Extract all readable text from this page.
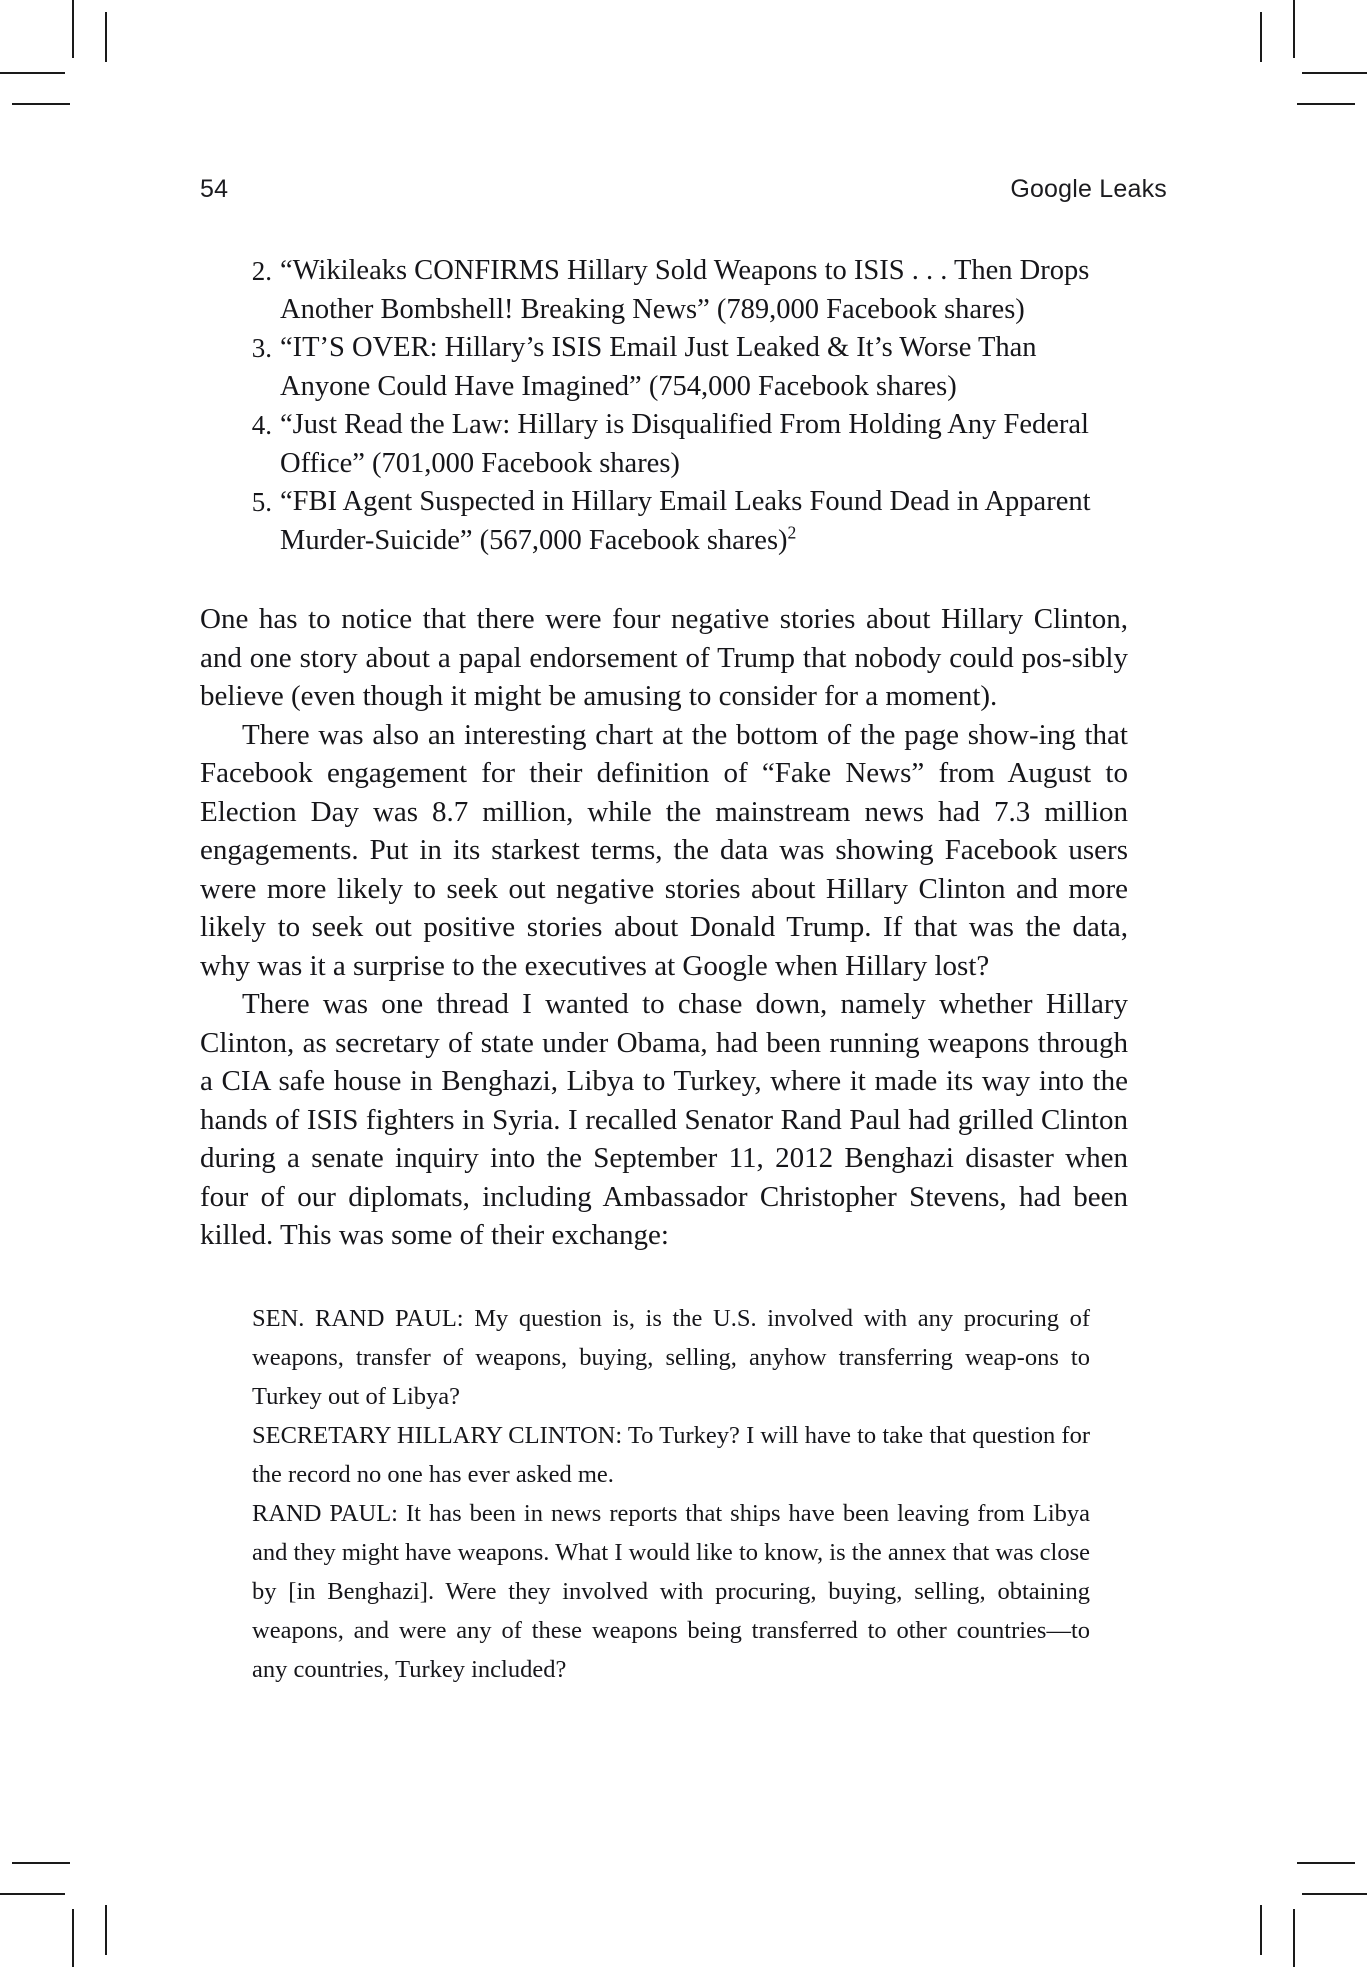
54	Google Leaks
2. “Wikileaks CONFIRMS Hillary Sold Weapons to ISIS . . . Then Drops Another Bombshell! Breaking News” (789,000 Facebook shares)
3. “IT’S OVER: Hillary’s ISIS Email Just Leaked & It’s Worse Than Anyone Could Have Imagined” (754,000 Facebook shares)
4. “Just Read the Law: Hillary is Disqualified From Holding Any Federal Office” (701,000 Facebook shares)
5. “FBI Agent Suspected in Hillary Email Leaks Found Dead in Apparent Murder-Suicide” (567,000 Facebook shares)$^2$

One has to notice that there were four negative stories about Hillary Clinton, and one story about a papal endorsement of Trump that nobody could pos-sibly believe (even though it might be amusing to consider for a moment).

There was also an interesting chart at the bottom of the page show-ing that Facebook engagement for their definition of “Fake News” from August to Election Day was 8.7 million, while the mainstream news had 7.3 million engagements. Put in its starkest terms, the data was showing Facebook users were more likely to seek out negative stories about Hillary Clinton and more likely to seek out positive stories about Donald Trump. If that was the data, why was it a surprise to the executives at Google when Hillary lost?

There was one thread I wanted to chase down, namely whether Hillary Clinton, as secretary of state under Obama, had been running weapons through a CIA safe house in Benghazi, Libya to Turkey, where it made its way into the hands of ISIS fighters in Syria. I recalled Senator Rand Paul had grilled Clinton during a senate inquiry into the September 11, 2012 Benghazi disaster when four of our diplomats, including Ambassador Christopher Stevens, had been killed. This was some of their exchange:

SEN. RAND PAUL: My question is, is the U.S. involved with any procuring of weapons, transfer of weapons, buying, selling, anyhow transferring weap-ons to Turkey out of Libya?

SECRETARY HILLARY CLINTON: To Turkey? I will have to take that question for the record no one has ever asked me.

RAND PAUL: It has been in news reports that ships have been leaving from Libya and they might have weapons. What I would like to know, is the annex that was close by [in Benghazi]. Were they involved with procuring, buying, selling, obtaining weapons, and were any of these weapons being transferred to other countries—to any countries, Turkey included?
